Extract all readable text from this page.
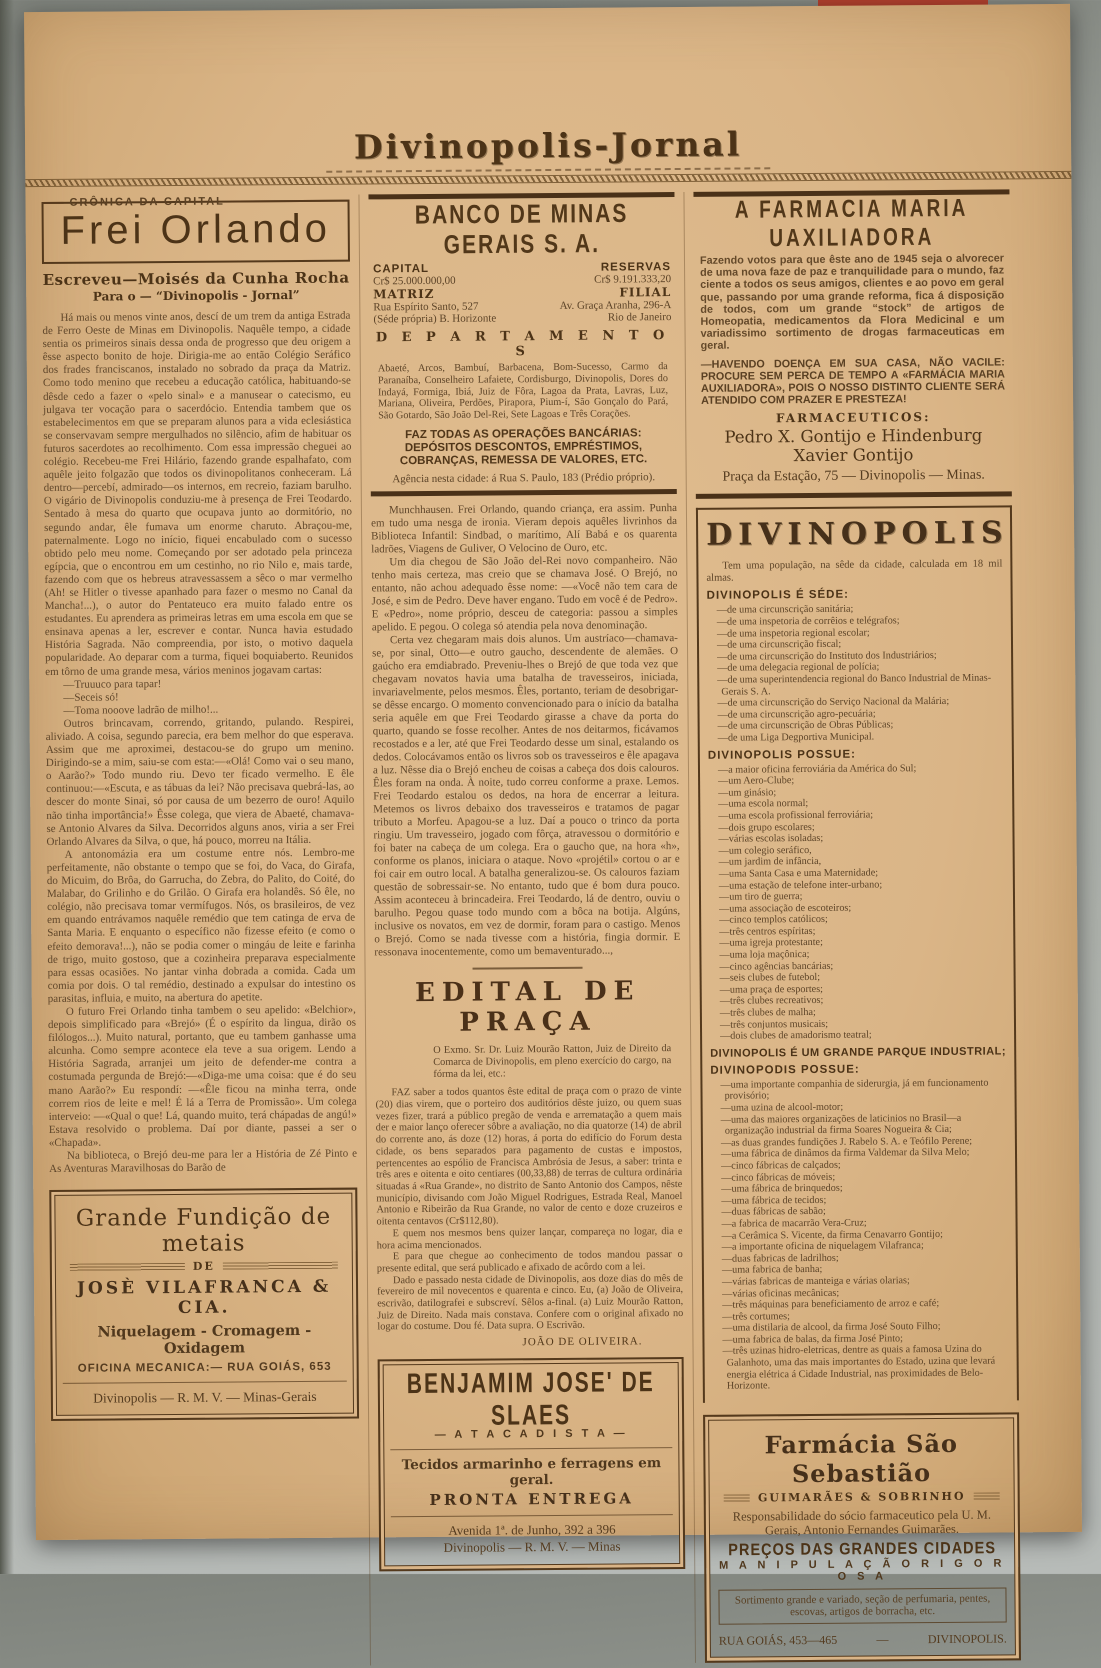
Divinopolis-Jornal
CRÔNICA DA CAPITAL
Frei Orlando

Escreveu—Moisés da Cunha Rocha

Para o — “Divinopolis - Jornal”

Há mais ou menos vinte anos, descí de um trem da antiga Estrada de Ferro Oeste de Minas em Divinopolis. Naquêle tempo, a cidade sentia os primeiros sinais dessa onda de progresso que deu origem a êsse aspecto bonito de hoje. Dirigia-me ao então Colégio Seráfico dos frades franciscanos, instalado no sobrado da praça da Matriz. Como todo menino que recebeu a educação católica, habituando-se dêsde cedo a fazer o «pelo sinal» e a manusear o catecismo, eu julgava ter vocação para o sacerdócio. Entendia tambem que os estabelecimentos em que se preparam alunos para a vida eclesiástica se conservavam sempre mergulhados no silêncio, afim de habituar os futuros sacerdotes ao recolhimento. Com essa impressão cheguei ao colégio. Recebeu-me Frei Hilário, fazendo grande espalhafato, com aquêle jeito folgazão que todos os divinopolitanos conheceram. Lá dentro—percebí, admirado—os internos, em recreio, faziam barulho. O vigário de Divinopolis conduziu-me à presença de Frei Teodardo. Sentado à mesa do quarto que ocupava junto ao dormitório, no segundo andar, êle fumava um enorme charuto. Abraçou-me, paternalmente. Logo no início, fiquei encabulado com o sucesso obtido pelo meu nome. Começando por ser adotado pela princeza egípcia, que o encontrou em um cestinho, no rio Nilo e, mais tarde, fazendo com que os hebreus atravessassem a sêco o mar vermelho (Ah! se Hitler o tivesse apanhado para fazer o mesmo no Canal da Mancha!...), o autor do Pentateuco era muito falado entre os estudantes. Eu aprendera as primeiras letras em uma escola em que se ensinava apenas a ler, escrever e contar. Nunca havia estudado História Sagrada. Não compreendia, por isto, o motivo daquela popularidade. Ao deparar com a turma, fiquei boquiaberto. Reunidos em tôrno de uma grande mesa, vários meninos jogavam cartas:

—Truuuco para tapar!

—Seceis só!

—Toma nooove ladrão de milho!...

Outros brincavam, correndo, gritando, pulando. Respirei, aliviado. A coisa, segundo parecia, era bem melhor do que esperava. Assim que me aproximei, destacou-se do grupo um menino. Dirigindo-se a mim, saiu-se com esta:—«Olá! Como vai o seu mano, o Aarão?» Todo mundo riu. Devo ter ficado vermelho. E êle continuou:—«Escuta, e as tábuas da lei? Não precisava quebrá-las, ao descer do monte Sinai, só por causa de um bezerro de ouro! Aquilo não tinha importância!» Êsse colega, que viera de Abaeté, chamava-se Antonio Alvares da Silva. Decorridos alguns anos, viria a ser Frei Orlando Alvares da Silva, o que, há pouco, morreu na Itália.

A antonomázia era um costume entre nós. Lembro-me perfeitamente, não obstante o tempo que se foi, do Vaca, do Girafa, do Micuim, do Brôa, do Garrucha, do Zebra, do Palito, do Coité, do Malabar, do Grilinho e do Grilão. O Girafa era holandês. Só êle, no colégio, não precisava tomar vermífugos. Nós, os brasileiros, de vez em quando entrávamos naquêle remédio que tem catinga de erva de Santa Maria. E enquanto o específico não fizesse efeito (e como o efeito demorava!...), não se podia comer o mingáu de leite e farinha de trigo, muito gostoso, que a cozinheira preparava especialmente para essas ocasiões. No jantar vinha dobrada a comida. Cada um comia por dois. O tal remédio, destinado a expulsar do intestino os parasitas, influia, e muito, na abertura do apetite.

O futuro Frei Orlando tinha tambem o seu apelido: «Belchior», depois simplificado para «Brejó» (É o espírito da lingua, dirão os filólogos...). Muito natural, portanto, que eu tambem ganhasse uma alcunha. Como sempre acontece ela teve a sua origem. Lendo a História Sagrada, arranjei um jeito de defender-me contra a costumada pergunda de Brejó:—«Diga-me uma coisa: que é do seu mano Aarão?» Eu respondí: —«Êle ficou na minha terra, onde correm rios de leite e mel! É lá a Terra de Promissão». Um colega interveio: —«Qual o que! Lá, quando muito, terá chápadas de angú!» Estava resolvido o problema. Daí por diante, passei a ser o «Chapada».

Na biblioteca, o Brejó deu-me para ler a História de Zé Pinto e As Aventuras Maravilhosas do Barão de

Grande Fundição de metais
DE
JOSÈ VILAFRANCA & CIA.
Niquelagem - Cromagem - Oxidagem
OFICINA MECANICA:— RUA GOIÁS, 653
Divinopolis — R. M. V. — Minas-Gerais
BANCO DE MINAS GERAIS S. A.
CAPITAL
Cr$ 25.000.000,00
RESERVAS
Cr$ 9.191.333,20
MATRIZ
Rua Espírito Santo, 527
(Séde própria) B. Horizonte
FILIAL
Av. Graça Aranha, 296-A
Rio de Janeiro
D E P A R T A M E N T O S

Abaeté, Arcos, Bambuí, Barbacena, Bom-Sucesso, Carmo da Paranaíba, Conselheiro Lafaiete, Cordisburgo, Divinopolis, Dores do Indayá, Formiga, Ibiá, Juiz de Fôra, Lagoa da Prata, Lavras, Luz, Mariana, Oliveira, Perdões, Pirapora, Pium-í, São Gonçalo do Pará, São Gotardo, São João Del-Rei, Sete Lagoas e Três Corações.

FAZ TODAS AS OPERAÇÕES BANCÁRIAS: DEPÓSITOS DESCONTOS, EMPRÉSTIMOS, COBRANÇAS, REMESSA DE VALORES, ETC.

Agência nesta cidade: á Rua S. Paulo, 183 (Prédio próprio).

Munchhausen. Frei Orlando, quando criança, era assim. Punha em tudo uma nesga de ironia. Vieram depois aquêles livrinhos da Biblioteca Infantil: Sindbad, o marítimo, Alí Babá e os quarenta ladrões, Viagens de Guliver, O Velocino de Ouro, etc.

Um dia chegou de São João del-Rei novo companheiro. Não tenho mais certeza, mas creio que se chamava José. O Brejó, no entanto, não achou adequado êsse nome: —«Você não tem cara de José, e sim de Pedro. Deve haver engano. Tudo em você é de Pedro». E «Pedro», nome próprio, desceu de categoria: passou a simples apelido. E pegou. O colega só atendia pela nova denominação.

Certa vez chegaram mais dois alunos. Um austríaco—chamava-se, por sinal, Otto—e outro gaucho, descendente de alemães. O gaúcho era emdiabrado. Preveniu-lhes o Brejó de que toda vez que chegavam novatos havia uma batalha de travesseiros, iniciada, invariavelmente, pelos mesmos. Êles, portanto, teriam de desobrigar-se dêsse encargo. O momento convencionado para o início da batalha seria aquêle em que Frei Teodardo girasse a chave da porta do quarto, quando se fosse recolher. Antes de nos deitarmos, ficávamos recostados e a ler, até que Frei Teodardo desse um sinal, estalando os dedos. Colocávamos então os livros sob os travesseiros e êle apagava a luz. Nêsse dia o Brejó encheu de coisas a cabeça dos dois calouros. Êles foram na onda. À noite, tudo correu conforme a praxe. Lemos. Frei Teodardo estalou os dedos, na hora de encerrar a leitura. Metemos os livros debaixo dos travesseiros e tratamos de pagar tributo a Morfeu. Apagou-se a luz. Daí a pouco o trinco da porta ringiu. Um travesseiro, jogado com fôrça, atravessou o dormitório e foi bater na cabeça de um colega. Era o gaucho que, na hora «h», conforme os planos, iniciara o ataque. Novo «projétil» cortou o ar e foi cair em outro local. A batalha generalizou-se. Os calouros faziam questão de sobressair-se. No entanto, tudo que é bom dura pouco. Assim aconteceu à brincadeira. Frei Teodardo, lá de dentro, ouviu o barulho. Pegou quase todo mundo com a bôca na botija. Algúns, inclusive os novatos, em vez de dormir, foram para o castigo. Menos o Brejó. Como se nada tivesse com a história, fingia dormir. E ressonava inocentemente, como um bemaventurado...,

EDITAL DE PRAÇA

O Exmo. Sr. Dr. Luiz Mourão Ratton, Juiz de Direito da Comarca de Divinopolis, em pleno exercício do cargo, na fórma da lei, etc.:

FAZ saber a todos quantos êste edital de praça com o prazo de vinte (20) dias virem, que o porteiro dos auditórios dêste juizo, ou quem suas vezes fizer, trará a público pregão de venda e arrematação a quem mais der e maior lanço oferecer sôbre a avaliação, no dia quatorze (14) de abril do corrente ano, ás doze (12) horas, á porta do edifício do Forum desta cidade, os bens separados para pagamento de custas e impostos, pertencentes ao espólio de Francisca Ambrósia de Jesus, a saber: trinta e três ares e oitenta e oito centiares (00,33,88) de terras de cultura ordinária situadas á «Rua Grande», no distrito de Santo Antonio dos Campos, nêste município, divisando com João Miguel Rodrigues, Estrada Real, Manoel Antonio e Ribeirão da Rua Grande, no valor de cento e doze cruzeiros e oitenta centavos (Cr$112,80).

E quem nos mesmos bens quizer lançar, compareça no logar, dia e hora acima mencionados.

E para que chegue ao conhecimento de todos mandou passar o presente edital, que será publicado e afixado de acôrdo com a lei.

Dado e passado nesta cidade de Divinopolis, aos doze dias do mês de fevereiro de mil novecentos e quarenta e cinco. Eu, (a) João de Oliveira, escrivão, datilografei e subscreví. Sêlos a-final. (a) Luiz Mourão Ratton, Juiz de Direito. Nada mais constava. Confere com o original afixado no logar do costume. Dou fé. Data supra. O Escrivão.

JOÃO DE OLIVEIRA.

BENJAMIM JOSE' DE SLAES
— A T A C A D I S T A —
Tecidos armarinho e ferragens em geral.
PRONTA ENTREGA

Avenida 1ª. de Junho, 392 a 396

Divinopolis — R. M. V. — Minas

A FARMACIA MARIA UAXILIADORA

Fazendo votos para que êste ano de 1945 seja o alvorecer de uma nova faze de paz e tranquilidade para o mundo, faz ciente a todos os seus amigos, clientes e ao povo em geral que, passando por uma grande reforma, fica á disposição de todos, com um grande “stock” de artigos de Homeopatia, medicamentos da Flora Medicinal e um variadissimo sortimento de drogas farmaceuticas em geral.

—HAVENDO DOENÇA EM SUA CASA, NÃO VACILE: PROCURE SEM PERCA DE TEMPO A «FARMÁCIA MARIA AUXILIADORA», POIS O NOSSO DISTINTO CLIENTE SERÁ ATENDIDO COM PRAZER E PRESTEZA!

FARMACEUTICOS:

Pedro X. Gontijo e Hindenburg Xavier Gontijo

Praça da Estação, 75 — Divinopolis — Minas.

DIVINOPOLIS

Tem uma população, na sêde da cidade, calculada em 18 mil almas.

DIVINOPOLIS É SÉDE:
—de uma circunscrição sanitária;
—de uma inspetoria de corrêios e telégrafos;
—de uma inspetoria regional escolar;
—de uma circunscrição fiscal;
—de uma circunscrição do Instituto dos Industriários;
—de uma delegacia regional de polícia;
—de uma superintendencia regional do Banco Industrial de Minas-Gerais S. A.
—de uma circunscrição do Serviço Nacional da Malária;
—de uma circunscrição agro-pecuária;
—de uma circunscrição de Obras Públicas;
—de uma Liga Degportiva Municipal.
DIVINOPOLIS POSSUE:
—a maior oficina ferroviária da América do Sul;
—um Aero-Clube;
—um ginásio;
—uma escola normal;
—uma escola profissional ferroviária;
—dois grupo escolares;
—várias escolas isoladas;
—um colegio seráfico,
—um jardim de infância,
—uma Santa Casa e uma Maternidade;
—uma estação de telefone inter-urbano;
—um tiro de guerra;
—uma associação de escoteiros;
—cinco templos católicos;
—três centros espíritas;
—uma igreja protestante;
—uma loja maçônica;
—cinco agências bancárias;
—seis clubes de futebol;
—uma praça de esportes;
—três clubes recreativos;
—três clubes de malha;
—três conjuntos musicais;
—dois clubes de amadorismo teatral;
DIVINOPOLIS É UM GRANDE PARQUE INDUSTRIAL;
DIVINOPODIS POSSUE:
—uma importante companhia de siderurgia, já em funcionamento provisório;
—uma uzina de alcool-motor;
—uma das maiores organizações de laticinios no Brasil—a organização industrial da firma Soares Nogueira & Cia;
—as duas grandes fundições J. Rabelo S. A. e Teófilo Perene;
—uma fábrica de dinâmos da firma Valdemar da Silva Melo;
—cinco fábricas de calçados;
—cinco fábricas de móveis;
—uma fábrica de brinquedos;
—uma fábrica de tecidos;
—duas fábricas de sabão;
—a fabrica de macarrão Vera-Cruz;
—a Cerâmica S. Vicente, da firma Cenavarro Gontijo;
—a importante oficina de niquelagem Vilafranca;
—duas fabricas de ladrilhos;
—uma fabrica de banha;
—várias fabricas de manteiga e várias olarias;
—várias oficinas mecânicas;
—três máquinas para beneficiamento de arroz e café;
—três cortumes;
—uma distilaria de alcool, da firma José Souto Filho;
—uma fabrica de balas, da firma José Pinto;
—três uzinas hidro-eletricas, dentre as quais a famosa Uzina do Galanhoto, uma das mais importantes do Estado, uzina que levará energia elétrica á Cidade Industrial, nas proximidades de Belo-Horizonte.
Farmácia São Sebastião
GUIMARÃES & SOBRINHO

Responsabilidade do sócio farmaceutico pela U. M. Gerais, Antonio Fernandes Guimarães.

PREÇOS DAS GRANDES CIDADES
M A N I P U L A Ç Ã O R I G O R O S A
Sortimento grande e variado, seção de perfumaria, pentes, escovas, artigos de borracha, etc.
RUA GOIÁS, 453—465	—	DIVINOPOLIS.
